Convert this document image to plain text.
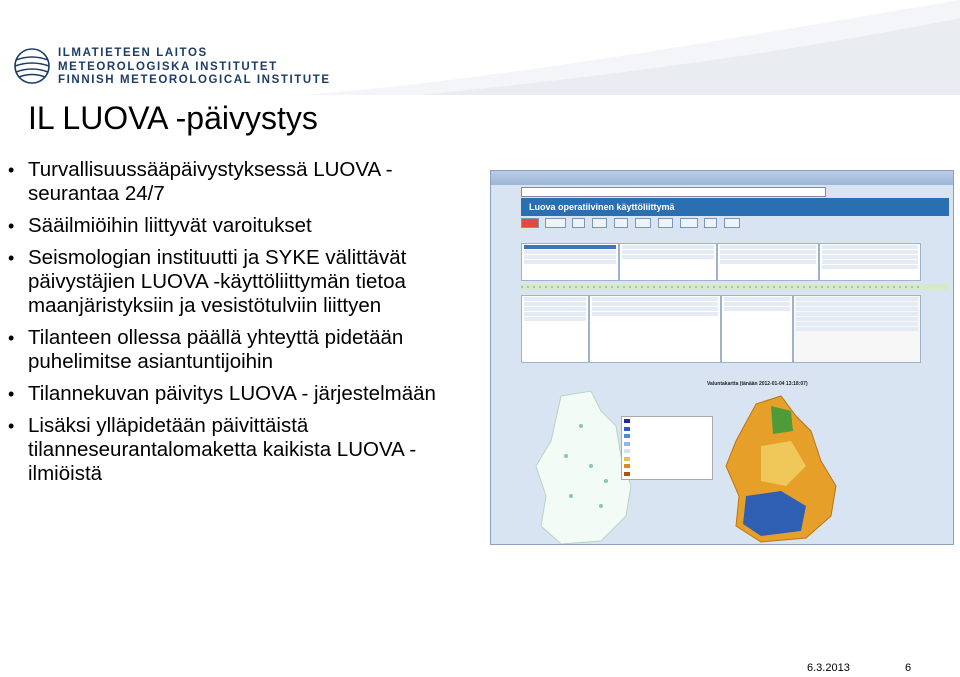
ILMATIETEEN LAITOS
METEOROLOGISKA INSTITUTET
FINNISH METEOROLOGICAL INSTITUTE
IL LUOVA -päivystys
• Turvallisuussääpäivystyksessä LUOVA - seurantaa 24/7
• Sääilmiöihin liittyvät varoitukset
• Seismologian instituutti ja SYKE välittävät päivystäjien LUOVA -käyttöliittymän tietoa maanjäristyksiin ja vesistötulviin liittyen
• Tilanteen ollessa päällä yhteyttä pidetään puhelimitse asiantuntijoihin
• Tilannekuvan päivitys LUOVA - järjestelmään
• Lisäksi ylläpidetään päivittäistä tilanneseurantalomaketta kaikista LUOVA - ilmiöistä
Luova operatiivinen käyttöliittymä

xxxxxxxxxxxxxxxxxxxxxxxxxxxxxxxxxxxxxxxxxxxxxxxxxxxxxxxxxxxxxxxxxxx
Valuntakartta (tänään 2012-01-04 13:18:07)
6.3.2013	6
